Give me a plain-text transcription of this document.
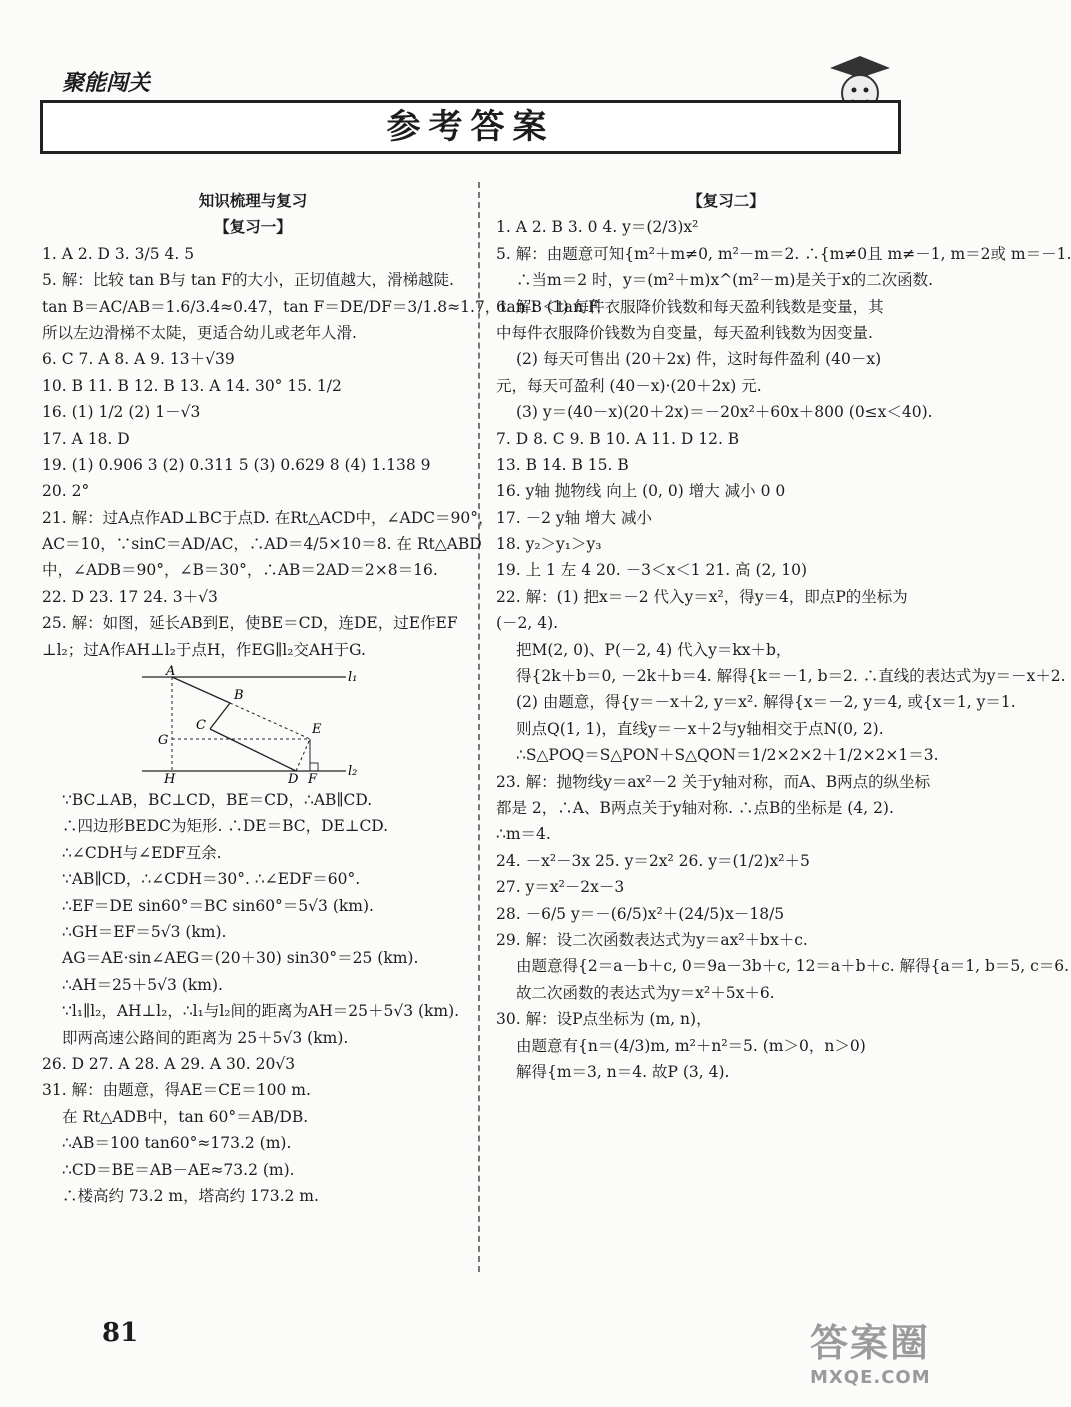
聚能闯关
参考答案
知识梳理与复习
【复习一】
1. A 2. D 3. 3/5 4. 5
5. 解：比较 tan B与 tan F的大小，正切值越大，滑梯越陡.
tan B＝AC/AB＝1.6/3.4≈0.47，tan F＝DE/DF＝3/1.8≈1.7，tan B＜tan F.
所以左边滑梯不太陡，更适合幼儿或老年人滑.
6. C 7. A 8. A 9. 13＋√39
10. B 11. B 12. B 13. A 14. 30° 15. 1/2
16. (1) 1/2 (2) 1－√3
17. A 18. D
19. (1) 0.906 3 (2) 0.311 5 (3) 0.629 8 (4) 1.138 9
20. 2°
21. 解：过A点作AD⊥BC于点D. 在Rt△ACD中，∠ADC＝90°，
AC＝10，∵sinC＝AD/AC，∴AD＝4/5×10＝8. 在 Rt△ABD
中，∠ADB＝90°，∠B＝30°，∴AB＝2AD＝2×8＝16.
22. D 23. 17 24. 3＋√3
25. 解：如图，延长AB到E，使BE＝CD，连DE，过E作EF
⊥l₂；过A作AH⊥l₂于点H，作EG∥l₂交AH于G.
A
B
C
D
E
F
G
H
l₁
l₂
∵BC⊥AB，BC⊥CD，BE＝CD，∴AB∥CD.
∴四边形BEDC为矩形. ∴DE＝BC，DE⊥CD.
∴∠CDH与∠EDF互余.
∵AB∥CD，∴∠CDH＝30°. ∴∠EDF＝60°.
∴EF＝DE sin60°＝BC sin60°＝5√3 (km).
∴GH＝EF＝5√3 (km).
AG＝AE·sin∠AEG＝(20＋30) sin30°＝25 (km).
∴AH＝25＋5√3 (km).
∵l₁∥l₂，AH⊥l₂，∴l₁与l₂间的距离为AH＝25＋5√3 (km).
即两高速公路间的距离为 25＋5√3 (km).
26. D 27. A 28. A 29. A 30. 20√3
31. 解：由题意，得AE＝CE＝100 m.
在 Rt△ADB中，tan 60°＝AB/DB.
∴AB＝100 tan60°≈173.2 (m).
∴CD＝BE＝AB－AE≈73.2 (m).
∴楼高约 73.2 m，塔高约 173.2 m.
【复习二】
1. A 2. B 3. 0 4. y＝(2/3)x²
5. 解：由题意可知{m²＋m≠0, m²－m＝2. ∴{m≠0且 m≠－1, m＝2或 m＝－1.
∴当m＝2 时，y＝(m²＋m)x^(m²－m)是关于x的二次函数.
6. 解：(1) 每件衣服降价钱数和每天盈利钱数是变量，其
中每件衣服降价钱数为自变量，每天盈利钱数为因变量.
(2) 每天可售出 (20＋2x) 件，这时每件盈利 (40－x)
元，每天可盈利 (40－x)·(20＋2x) 元.
(3) y＝(40－x)(20＋2x)＝－20x²＋60x＋800 (0≤x＜40).
7. D 8. C 9. B 10. A 11. D 12. B
13. B 14. B 15. B
16. y轴 抛物线 向上 (0, 0) 增大 减小 0 0
17. －2 y轴 增大 减小
18. y₂＞y₁＞y₃
19. 上 1 左 4 20. －3＜x＜1 21. 高 (2, 10)
22. 解：(1) 把x＝－2 代入y＝x²，得y＝4，即点P的坐标为
(－2, 4).
把M(2, 0)、P(－2, 4) 代入y＝kx＋b，
得{2k＋b＝0, －2k＋b＝4. 解得{k＝－1, b＝2. ∴直线的表达式为y＝－x＋2.
(2) 由题意，得{y＝－x＋2, y＝x². 解得{x＝－2, y＝4, 或{x＝1, y＝1.
则点Q(1, 1)，直线y＝－x＋2与y轴相交于点N(0, 2).
∴S△POQ＝S△PON＋S△QON＝1/2×2×2＋1/2×2×1＝3.
23. 解：抛物线y＝ax²－2 关于y轴对称，而A、B两点的纵坐标
都是 2，∴A、B两点关于y轴对称. ∴点B的坐标是 (4, 2).
∴m＝4.
24. －x²－3x 25. y＝2x² 26. y＝(1/2)x²＋5
27. y＝x²－2x－3
28. －6/5 y＝－(6/5)x²＋(24/5)x－18/5
29. 解：设二次函数表达式为y＝ax²＋bx＋c.
由题意得{2＝a－b＋c, 0＝9a－3b＋c, 12＝a＋b＋c. 解得{a＝1, b＝5, c＝6.
故二次函数的表达式为y＝x²＋5x＋6.
30. 解：设P点坐标为 (m, n)，
由题意有{n＝(4/3)m, m²＋n²＝5. (m＞0，n＞0)
解得{m＝3, n＝4. 故P (3, 4).
81	答案圈
MXQE.COM
